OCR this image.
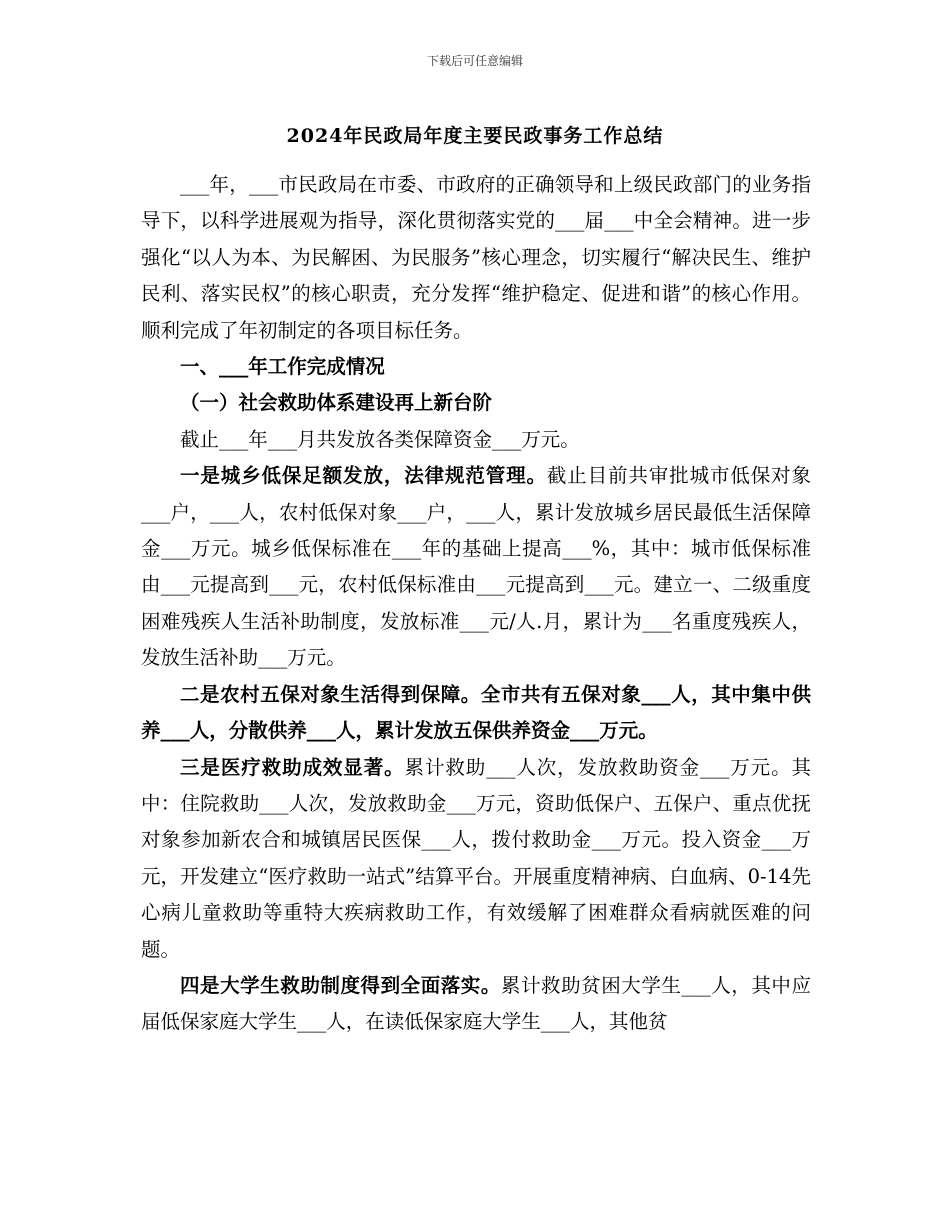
下载后可任意编辑
2024年民政局年度主要民政事务工作总结

___年，___市民政局在市委、市政府的正确领导和上级民政部门的业务指导下，以科学进展观为指导，深化贯彻落实党的___届___中全会精神。进一步强化“以人为本、为民解困、为民服务”核心理念，切实履行“解决民生、维护民利、落实民权”的核心职责，充分发挥“维护稳定、促进和谐”的核心作用。顺利完成了年初制定的各项目标任务。

一、___年工作完成情况

（一）社会救助体系建设再上新台阶

截止___年___月共发放各类保障资金___万元。

一是城乡低保足额发放，法律规范管理。截止目前共审批城市低保对象___户，___人，农村低保对象___户，___人，累计发放城乡居民最低生活保障金___万元。城乡低保标准在___年的基础上提高___%，其中：城市低保标准由___元提高到___元，农村低保标准由___元提高到___元。建立一、二级重度困难残疾人生活补助制度，发放标准___元/人.月，累计为___名重度残疾人，发放生活补助___万元。

二是农村五保对象生活得到保障。全市共有五保对象___人，其中集中供养___人，分散供养___人，累计发放五保供养资金___万元。

三是医疗救助成效显著。累计救助___人次，发放救助资金___万元。其中：住院救助___人次，发放救助金___万元，资助低保户、五保户、重点优抚对象参加新农合和城镇居民医保___人，拨付救助金___万元。投入资金___万元，开发建立“医疗救助一站式”结算平台。开展重度精神病、白血病、0-14先心病儿童救助等重特大疾病救助工作，有效缓解了困难群众看病就医难的问题。

四是大学生救助制度得到全面落实。累计救助贫困大学生___人，其中应届低保家庭大学生___人，在读低保家庭大学生___人，其他贫
